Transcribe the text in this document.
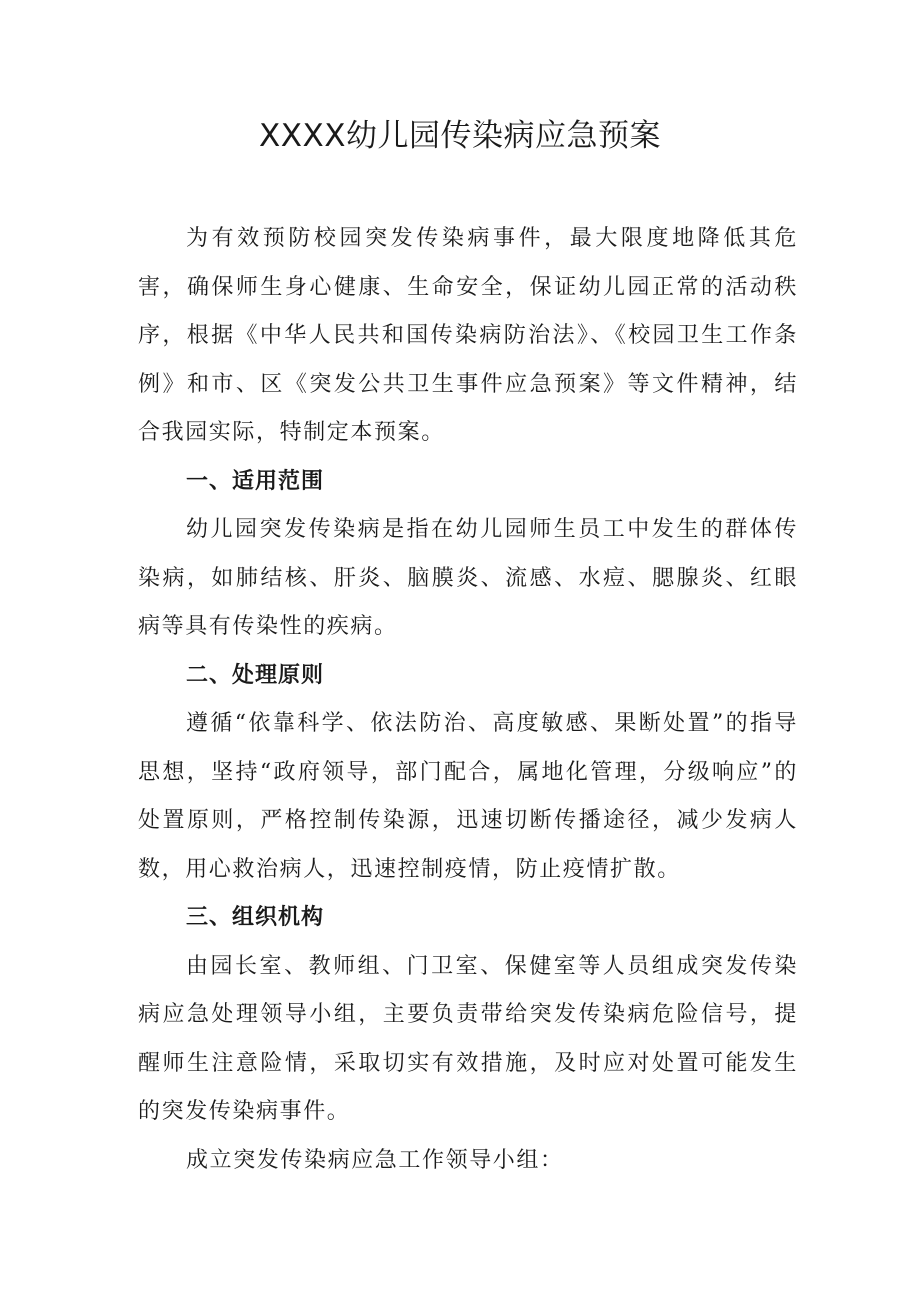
XXXX幼儿园传染病应急预案

为有效预防校园突发传染病事件，最大限度地降低其危害，确保师生身心健康、生命安全，保证幼儿园正常的活动秩序，根据《中华人民共和国传染病防治法》、《校园卫生工作条例》和市、区《突发公共卫生事件应急预案》等文件精神，结合我园实际，特制定本预案。

一、适用范围

幼儿园突发传染病是指在幼儿园师生员工中发生的群体传染病，如肺结核、肝炎、脑膜炎、流感、水痘、腮腺炎、红眼病等具有传染性的疾病。

二、处理原则

遵循“依靠科学、依法防治、高度敏感、果断处置”的指导思想，坚持“政府领导，部门配合，属地化管理，分级响应”的处置原则，严格控制传染源，迅速切断传播途径，减少发病人数，用心救治病人，迅速控制疫情，防止疫情扩散。

三、组织机构

由园长室、教师组、门卫室、保健室等人员组成突发传染病应急处理领导小组，主要负责带给突发传染病危险信号，提醒师生注意险情，采取切实有效措施，及时应对处置可能发生的突发传染病事件。

成立突发传染病应急工作领导小组：
